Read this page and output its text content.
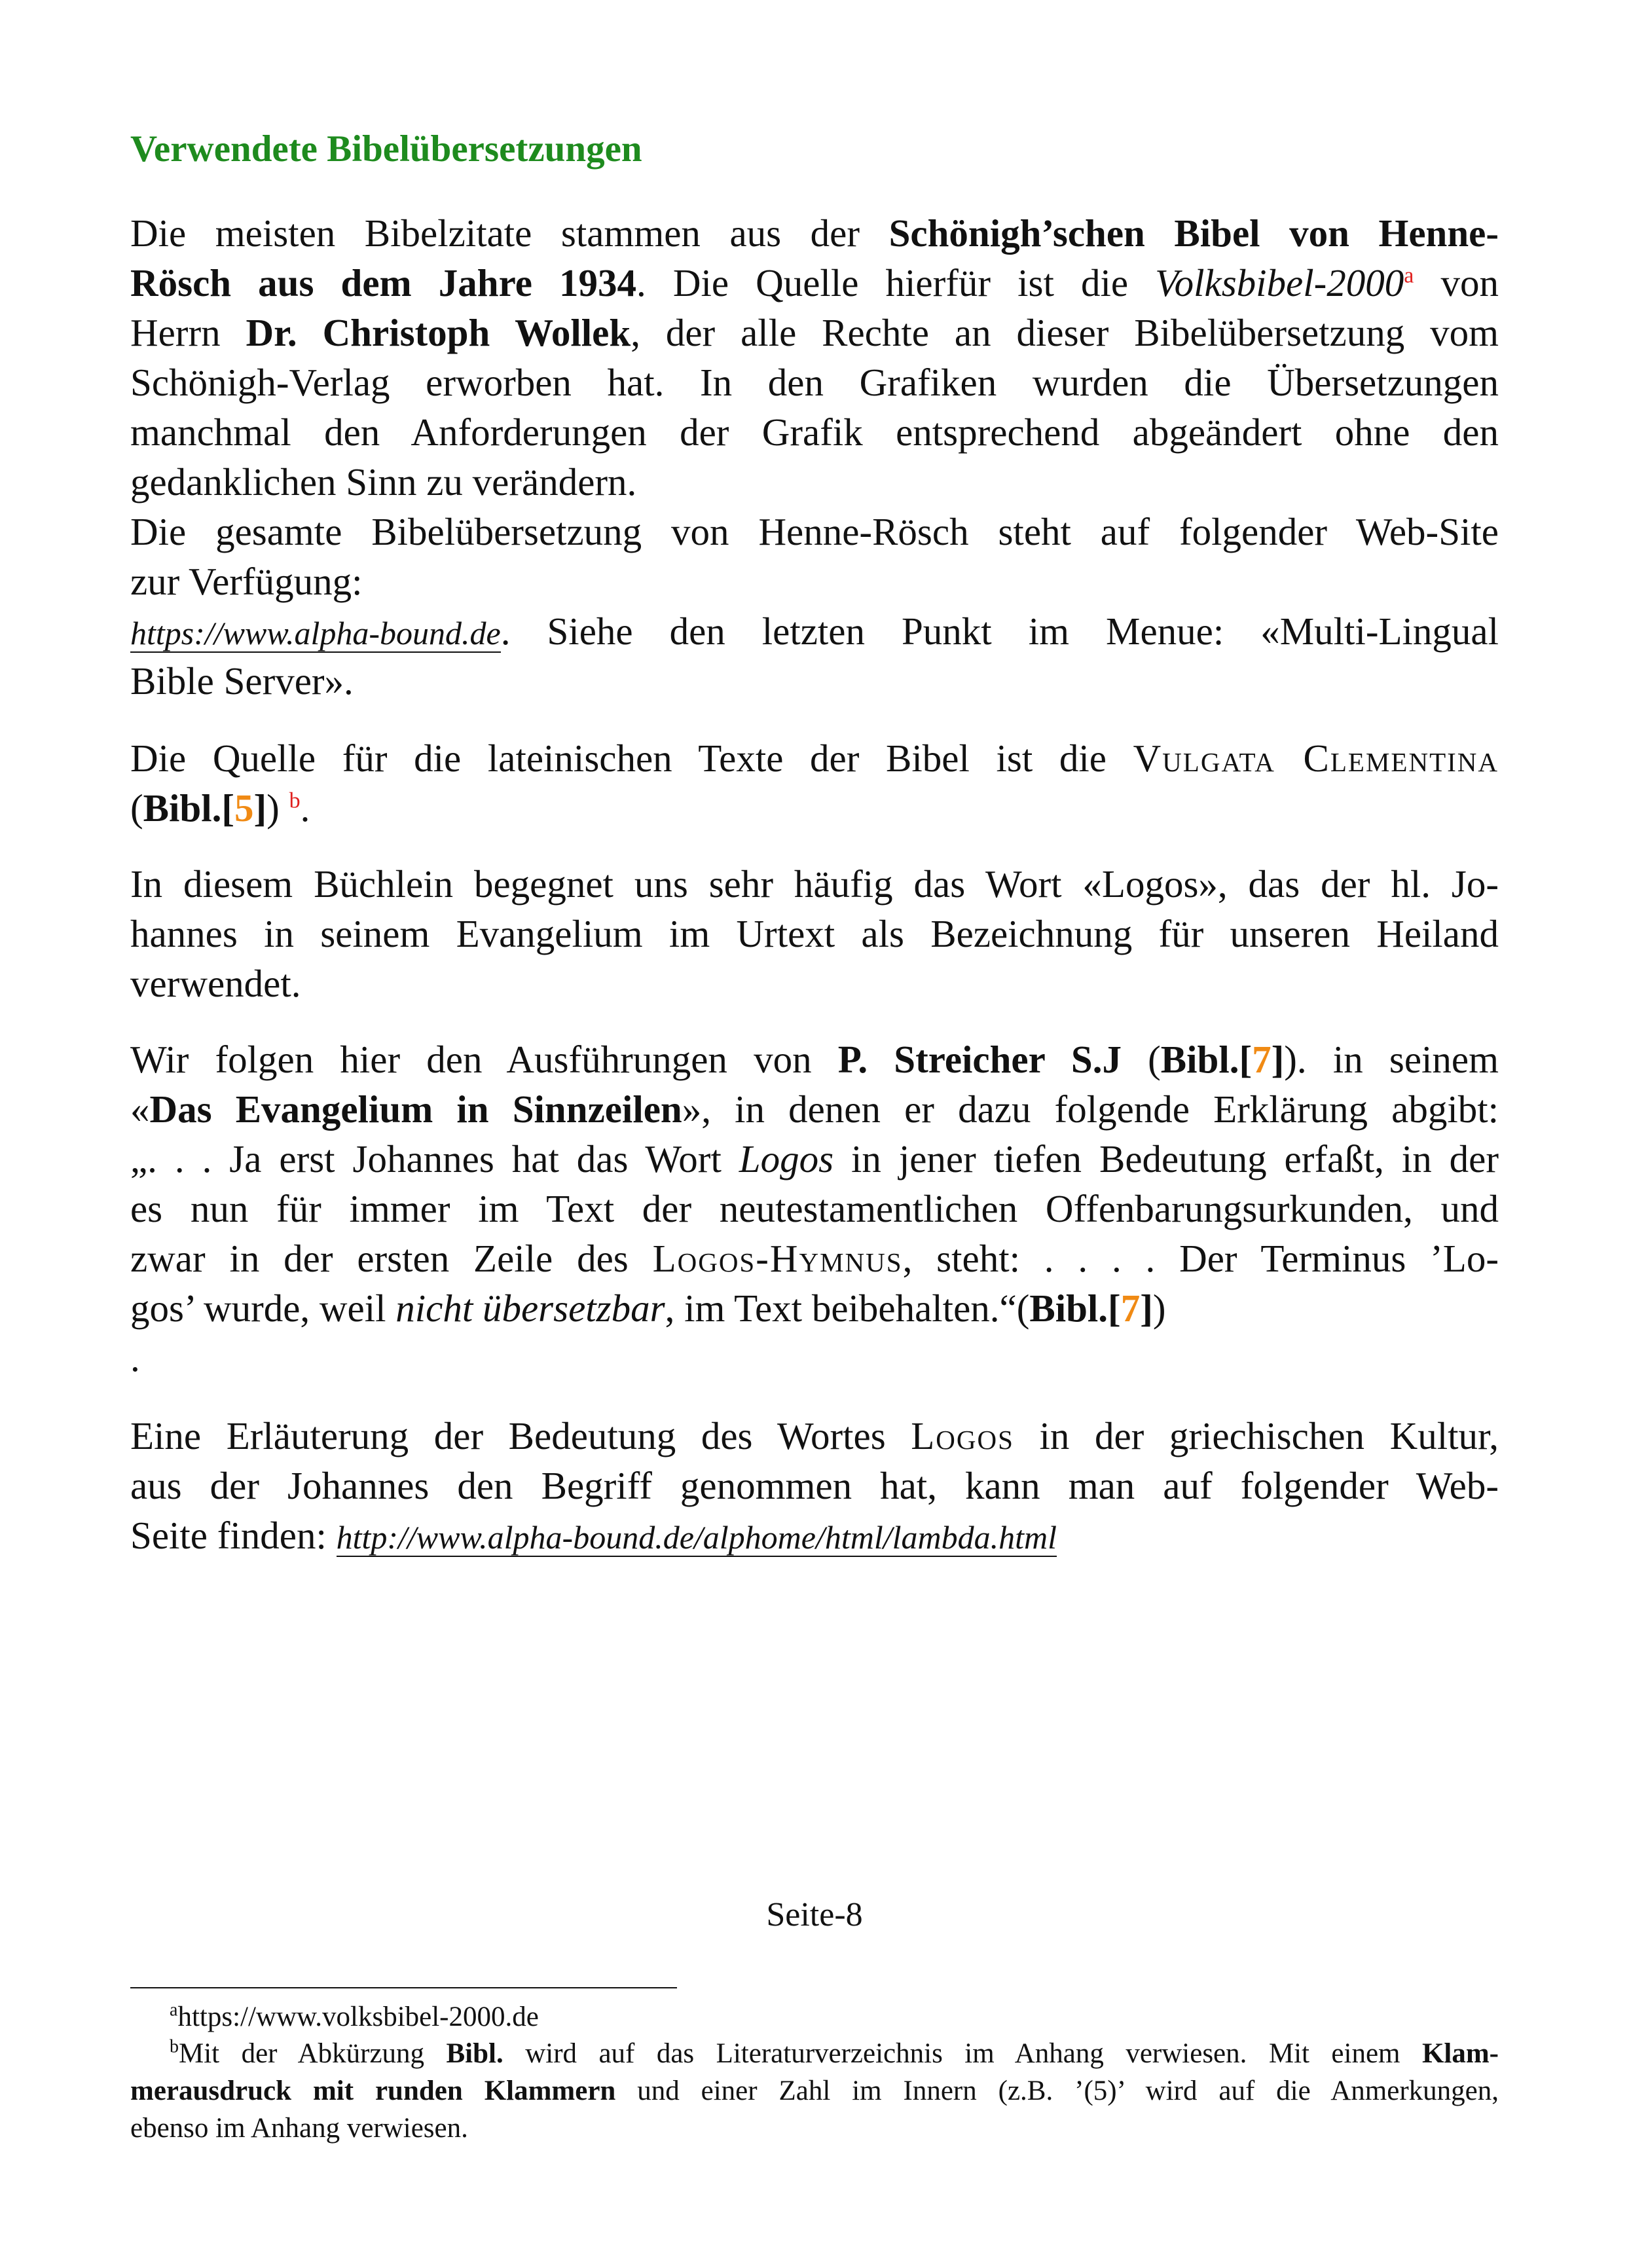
Verwendete Bibelübersetzungen
Die meisten Bibelzitate stammen aus der Schönigh’schen Bibel von Henne-
Rösch aus dem Jahre 1934. Die Quelle hierfür ist die Volksbibel-2000$^a$ von
Herrn Dr. Christoph Wollek, der alle Rechte an dieser Bibelübersetzung vom
Schönigh-Verlag erworben hat. In den Grafiken wurden die Übersetzungen
manchmal den Anforderungen der Grafik entsprechend abgeändert ohne den
gedanklichen Sinn zu verändern.
Die gesamte Bibelübersetzung von Henne-Rösch steht auf folgender Web-Site
zur Verfügung:
https://www.alpha-bound.de. Siehe den letzten Punkt im Menue: «Multi-Lingual
Bible Server».
Die Quelle für die lateinischen Texte der Bibel ist die Vulgata Clementina
(Bibl.[5]) $^b$.
In diesem Büchlein begegnet uns sehr häufig das Wort «Logos», das der hl. Jo-
hannes in seinem Evangelium im Urtext als Bezeichnung für unseren Heiland
verwendet.
Wir folgen hier den Ausführungen von P. Streicher S.J (Bibl.[7]). in seinem
«Das Evangelium in Sinnzeilen», in denen er dazu folgende Erklärung abgibt:
„. . . Ja erst Johannes hat das Wort Logos in jener tiefen Bedeutung erfaßt, in der
es nun für immer im Text der neutestamentlichen Offenbarungsurkunden, und
zwar in der ersten Zeile des Logos-Hymnus, steht: . . . . Der Terminus ’Lo-
gos’ wurde, weil nicht übersetzbar, im Text beibehalten.“(Bibl.[7])
.
Eine Erläuterung der Bedeutung des Wortes Logos in der griechischen Kultur,
aus der Johannes den Begriff genommen hat, kann man auf folgender Web-
Seite finden: http://www.alpha-bound.de/alphome/html/lambda.html
Seite-8
$^a$https://www.volksbibel-2000.de
$^b$Mit der Abkürzung Bibl. wird auf das Literaturverzeichnis im Anhang verwiesen. Mit einem Klam-
merausdruck mit runden Klammern und einer Zahl im Innern (z.B. ’(5)’ wird auf die Anmerkungen,
ebenso im Anhang verwiesen.
